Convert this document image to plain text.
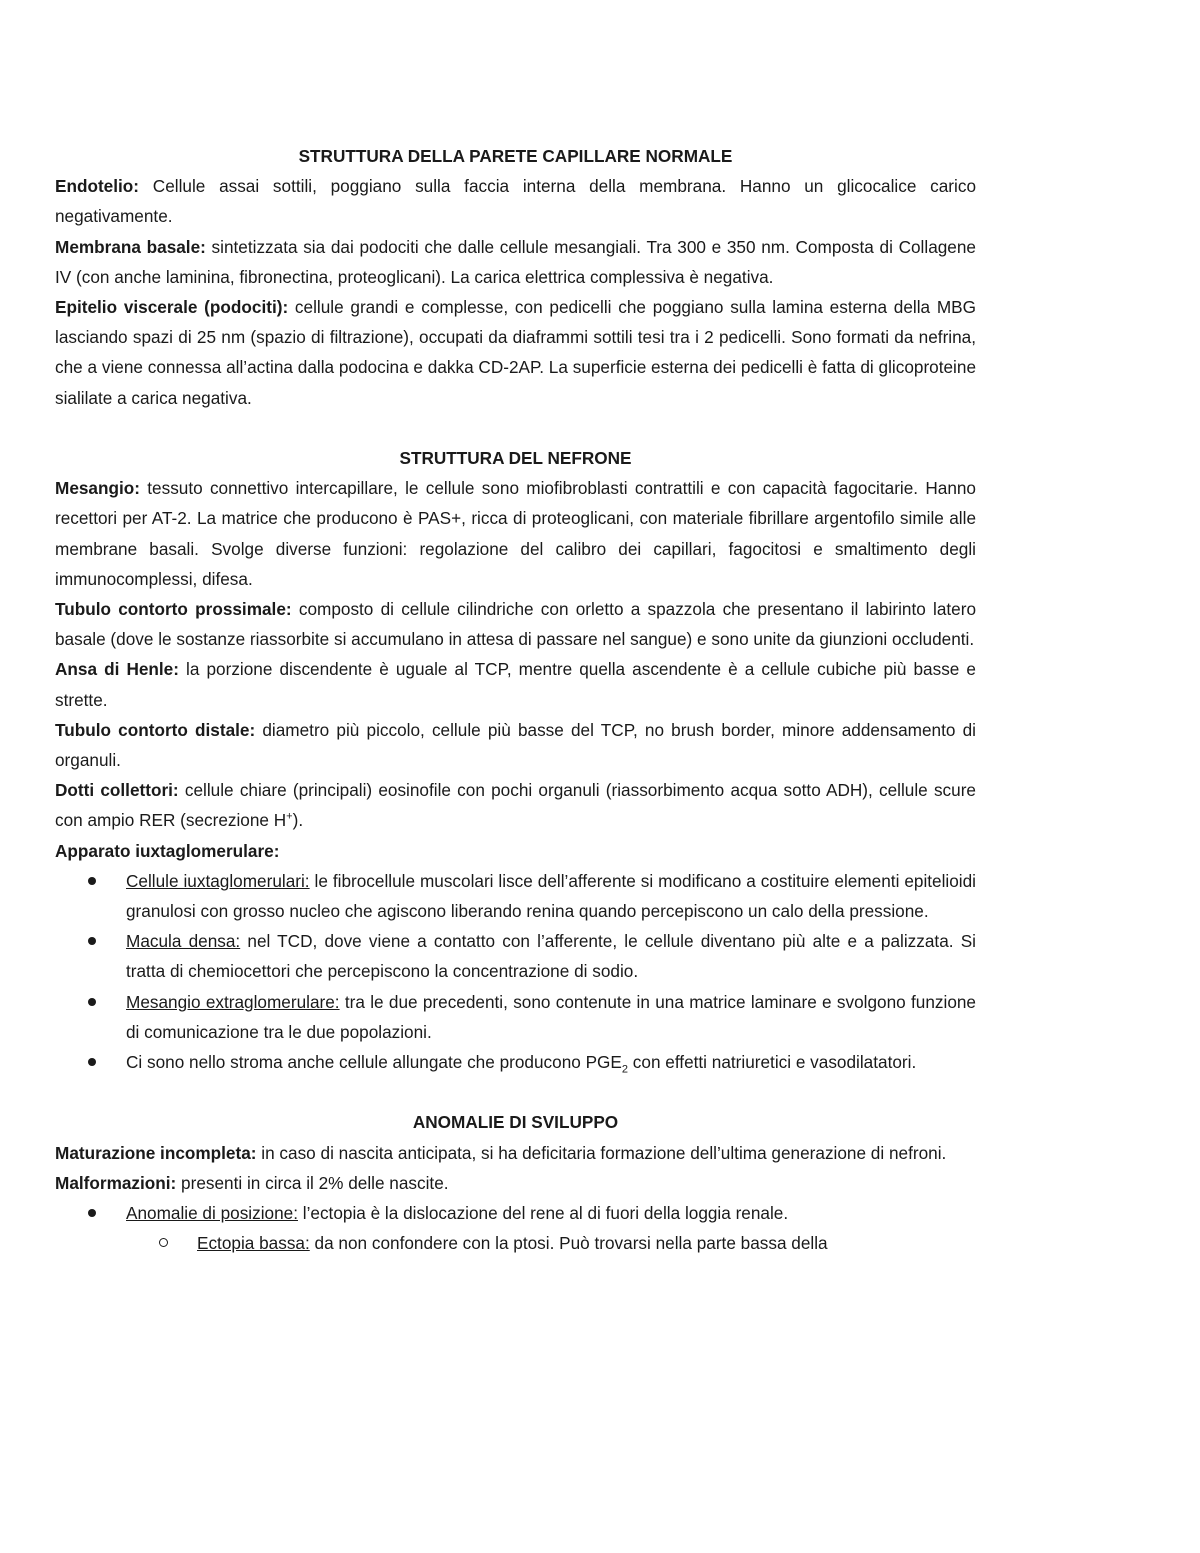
STRUTTURA DELLA PARETE CAPILLARE NORMALE

Endotelio: Cellule assai sottili, poggiano sulla faccia interna della membrana. Hanno un glicocalice carico negativamente.

Membrana basale: sintetizzata sia dai podociti che dalle cellule mesangiali. Tra 300 e 350 nm. Composta di Collagene IV (con anche laminina, fibronectina, proteoglicani). La carica elettrica complessiva è negativa.

Epitelio viscerale (podociti): cellule grandi e complesse, con pedicelli che poggiano sulla lamina esterna della MBG lasciando spazi di 25 nm (spazio di filtrazione), occupati da diaframmi sottili tesi tra i 2 pedicelli. Sono formati da nefrina, che a viene connessa all’actina dalla podocina e dakka CD-2AP. La superficie esterna dei pedicelli è fatta di glicoproteine sialilate a carica negativa.

STRUTTURA DEL NEFRONE

Mesangio: tessuto connettivo intercapillare, le cellule sono miofibroblasti contrattili e con capacità fagocitarie. Hanno recettori per AT-2. La matrice che producono è PAS+, ricca di proteoglicani, con materiale fibrillare argentofilo simile alle membrane basali. Svolge diverse funzioni: regolazione del calibro dei capillari, fagocitosi e smaltimento degli immunocomplessi, difesa.

Tubulo contorto prossimale: composto di cellule cilindriche con orletto a spazzola che presentano il labirinto latero basale (dove le sostanze riassorbite si accumulano in attesa di passare nel sangue) e sono unite da giunzioni occludenti.

Ansa di Henle: la porzione discendente è uguale al TCP, mentre quella ascendente è a cellule cubiche più basse e strette.

Tubulo contorto distale: diametro più piccolo, cellule più basse del TCP, no brush border, minore addensamento di organuli.

Dotti collettori: cellule chiare (principali) eosinofile con pochi organuli (riassorbimento acqua sotto ADH), cellule scure con ampio RER (secrezione H+).

Apparato iuxtaglomerulare:

Cellule iuxtaglomerulari: le fibrocellule muscolari lisce dell’afferente si modificano a costituire elementi epitelioidi granulosi con grosso nucleo che agiscono liberando renina quando percepiscono un calo della pressione.
Macula densa: nel TCD, dove viene a contatto con l’afferente, le cellule diventano più alte e a palizzata. Si tratta di chemiocettori che percepiscono la concentrazione di sodio.
Mesangio extraglomerulare: tra le due precedenti, sono contenute in una matrice laminare e svolgono funzione di comunicazione tra le due popolazioni.
Ci sono nello stroma anche cellule allungate che producono $PGE_2$ con effetti natriuretici e vasodilatatori.
ANOMALIE DI SVILUPPO

Maturazione incompleta: in caso di nascita anticipata, si ha deficitaria formazione dell’ultima generazione di nefroni.

Malformazioni: presenti in circa il 2% delle nascite.

Anomalie di posizione: l’ectopia è la dislocazione del rene al di fuori della loggia renale.
Ectopia bassa: da non confondere con la ptosi. Può trovarsi nella parte bassa della
